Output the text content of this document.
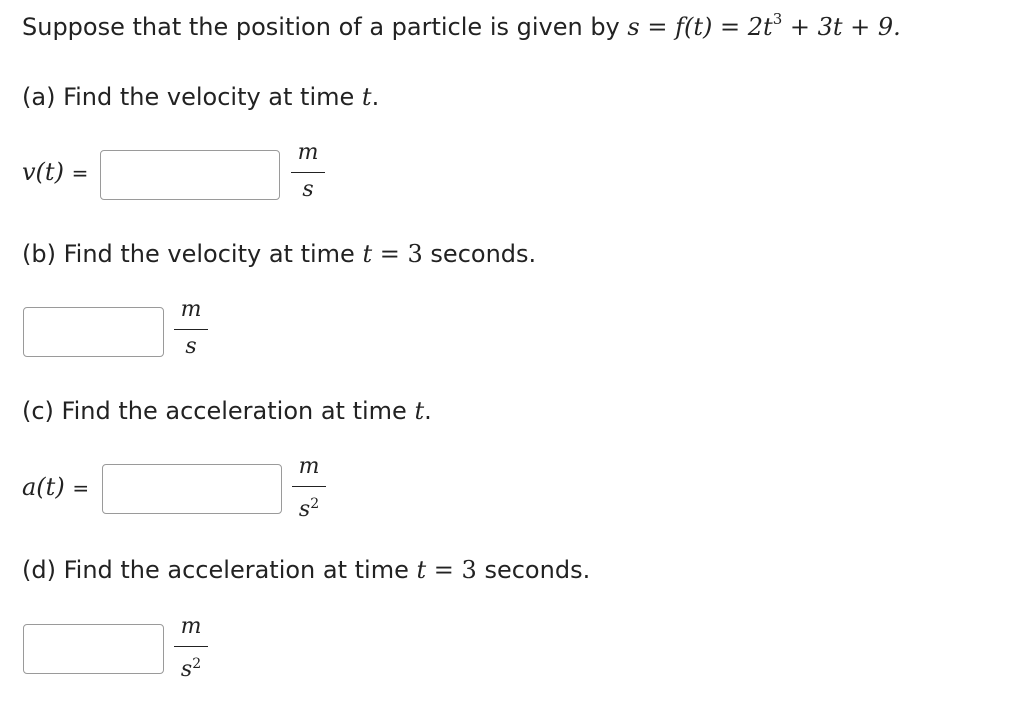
Suppose that the position of a particle is given by $s = f(t) = 2t^3 + 3t + 9$.
(a) Find the velocity at time t.
v(t) =
m
s
(b) Find the velocity at time t = 3 seconds.
m
s
(c) Find the acceleration at time t.
a(t) =
m
$s^2$
(d) Find the acceleration at time t = 3 seconds.
m
$s^2$
